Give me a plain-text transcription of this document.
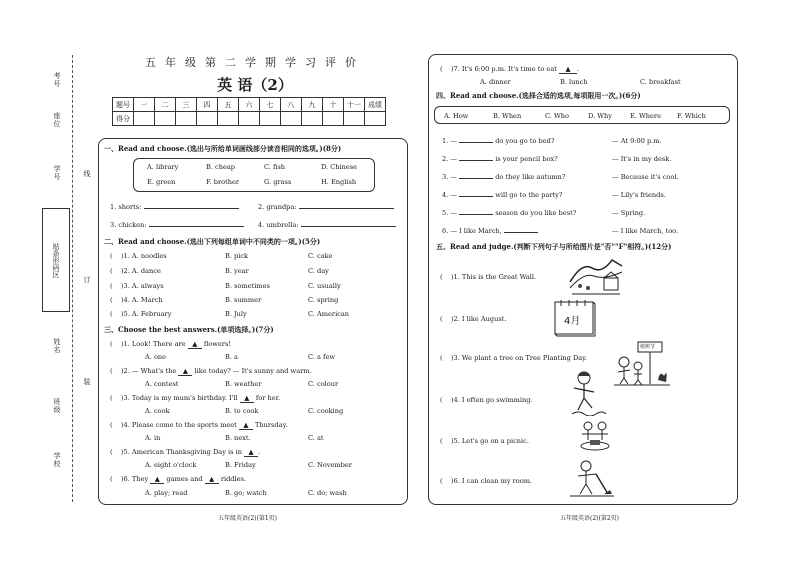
考号
座位
学号	线
贴条形码区
订
姓名
装
班级
学校
五年级第二学期学习评价
英 语（2）
题号	一	二	三	四	五	六	七	八	九	十	十一	成绩
得分												
一、Read and choose.(选出与所给单词画线部分读音相同的选项。)(8分)
A. library	B. cheap	C. fish	D. Chinese
E. green	F. brother	G. grass	H. English
1. shorts:	2. grandpa:
3. chicken:	4. umbrella:
二、Read and choose.(选出下列每组单词中不同类的一项。)(5分)
(    )1. A. noodles	B. pick	C. cake
(    )2. A. dance	B. year	C. day
(    )3. A. always	B. sometimes	C. usually
(    )4. A. March	B. summer	C. spring
(    )5. A. February	B. July	C. American
三、Choose the best answers.(单项选择。)(7分)
(    )1. Look! There are ▲ flowers!
A. one	B. a	C. a few
(    )2. — What's the ▲ like today? — It's sunny and warm.
A. contest	B. weather	C. colour
(    )3. Today is my mum's birthday. I'll ▲ for her.
A. cook	B. to cook	C. cooking
(    )4. Please come to the sports meet ▲ Thursday.
A. in	B. next.	C. at
(    )5. American Thanksgiving Day is in ▲ .
A. eight o'clock	B. Friday	C. November
(    )6. They ▲ games and ▲ riddles.
A. play; read	B. go; watch	C. do; wash
(    )7. It's 6:00 p.m. It's time to eat ▲ .
A. dinner	B. lunch	C. breakfast
四、Read and choose.(选择合适的选项,每项限用一次。)(6分)
A. How	B. When	C. Who	D. Why	E. Where F. Which
1. —	do you go to bed?	— At 9:00 p.m.
2. —	is your pencil box?	— It's in my desk.
3. —	do they like autumn?	— Because it's cool.
4. —	will go to the party?	— Lily's friends.
5. —	season do you like best?	— Spring.
6. — I like March,	— I like March, too.
五、Read and judge.(判断下列句子与所给图片是"否""F"相符。)(12分)
(    )1. This is the Great Wall.
(    )2. I like August.
(    )3. We plant a tree on Tree Planting Day.
(    )4. I often go swimming.
(    )5. Let's go on a picnic.
(    )6. I can clean my room.
4月
植树节
五年级英语(2)(第1页)	五年级英语(2)(第2页)
